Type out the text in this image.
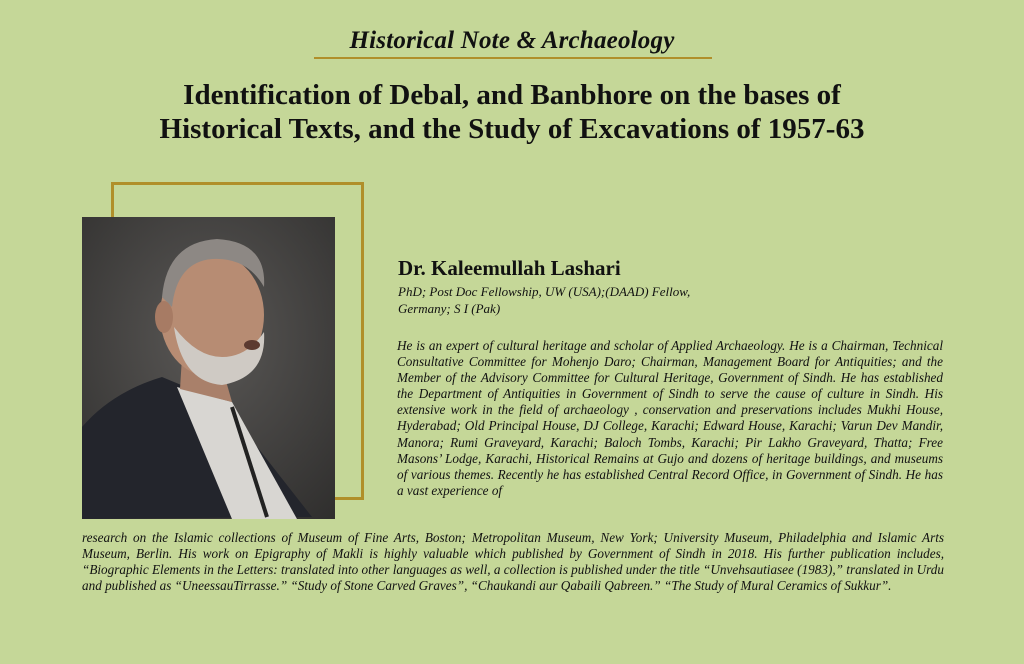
Historical Note & Archaeology
Identification of Debal, and Banbhore on the bases of
Historical Texts, and the Study of Excavations of 1957-63
Dr. Kaleemullah Lashari
PhD; Post Doc Fellowship, UW (USA);(DAAD) Fellow,
Germany; S I (Pak)

He is an expert of cultural heritage and scholar of Applied Archaeology. He is a Chairman, Technical Consultative Committee for Mohenjo Daro; Chairman, Management Board for Antiquities; and the Member of the Advisory Committee for Cultural Heritage, Government of Sindh. He has established the Department of Antiquities in Government of Sindh to serve the cause of culture in Sindh. His extensive work in the field of archaeology , conservation and preservations includes Mukhi House, Hyderabad; Old Principal House, DJ College, Karachi; Edward House, Karachi; Varun Dev Mandir, Manora; Rumi Graveyard, Karachi; Baloch Tombs, Karachi; Pir Lakho Graveyard, Thatta; Free Masons’ Lodge, Karachi, Historical Remains at Gujo and dozens of heritage buildings, and museums of various themes. Recently he has established Central Record Office, in Government of Sindh. He has a vast experience of

research on the Islamic collections of Museum of Fine Arts, Boston; Metropolitan Museum, New York; University Museum, Philadelphia and Islamic Arts Museum, Berlin. His work on Epigraphy of Makli is highly valuable which published by Government of Sindh in 2018. His further publication includes, “Biographic Elements in the Letters: translated into other languages as well, a collection is published under the title “Unvehsautiasee (1983),” translated in Urdu and published as “UneessauTirrasse.” “Study of Stone Carved Graves”, “Chaukandi aur Qabaili Qabreen.” “The Study of Mural Ceramics of Sukkur”.
